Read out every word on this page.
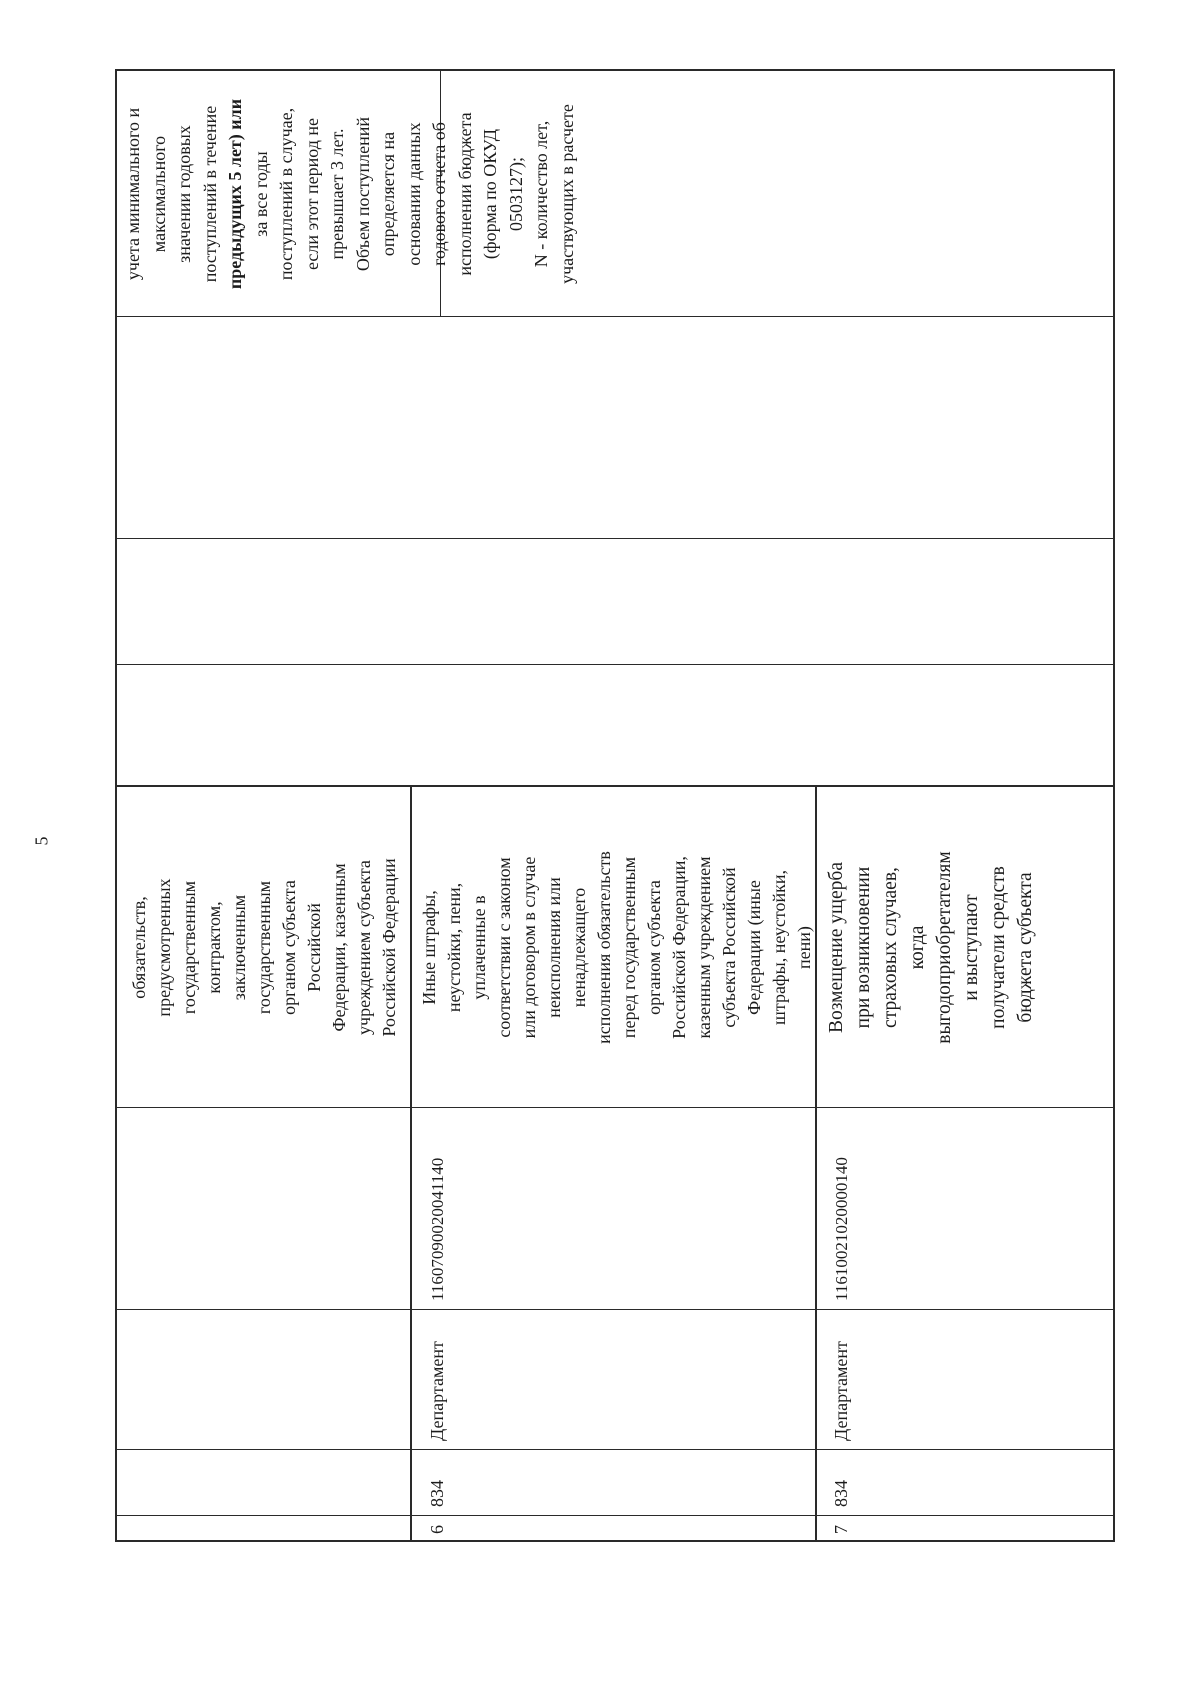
5
обязательств, предусмотренных государственным контрактом, заключенным государственным органом субъекта Российской Федерации, казенным учреждением субъекта Российской Федерации
учета минимального и максимального значении годовых поступлений в течение предыдущих 5 лет) или за все годы поступлений в случае, если этот период не превышает 3 лет. Объем поступлений определяется на основании данных годового отчета об исполнении бюджета (форма по ОКУД 0503127); N - количество лет, участвующих в расчете
6
834
Департамент
11607090020041140
Иные штрафы, неустойки, пени, уплаченные в соответствии с законом или договором в случае неисполнения или ненадлежащего исполнения обязательств перед государственным органом субъекта Российской Федерации, казенным учреждением субъекта Российской Федерации (иные штрафы, неустойки, пени)
7
834
Департамент
11610021020000140
Возмещение ущерба при возникновении страховых случаев, когда выгодоприобретателям и выступают получатели средств бюджета субъекта
